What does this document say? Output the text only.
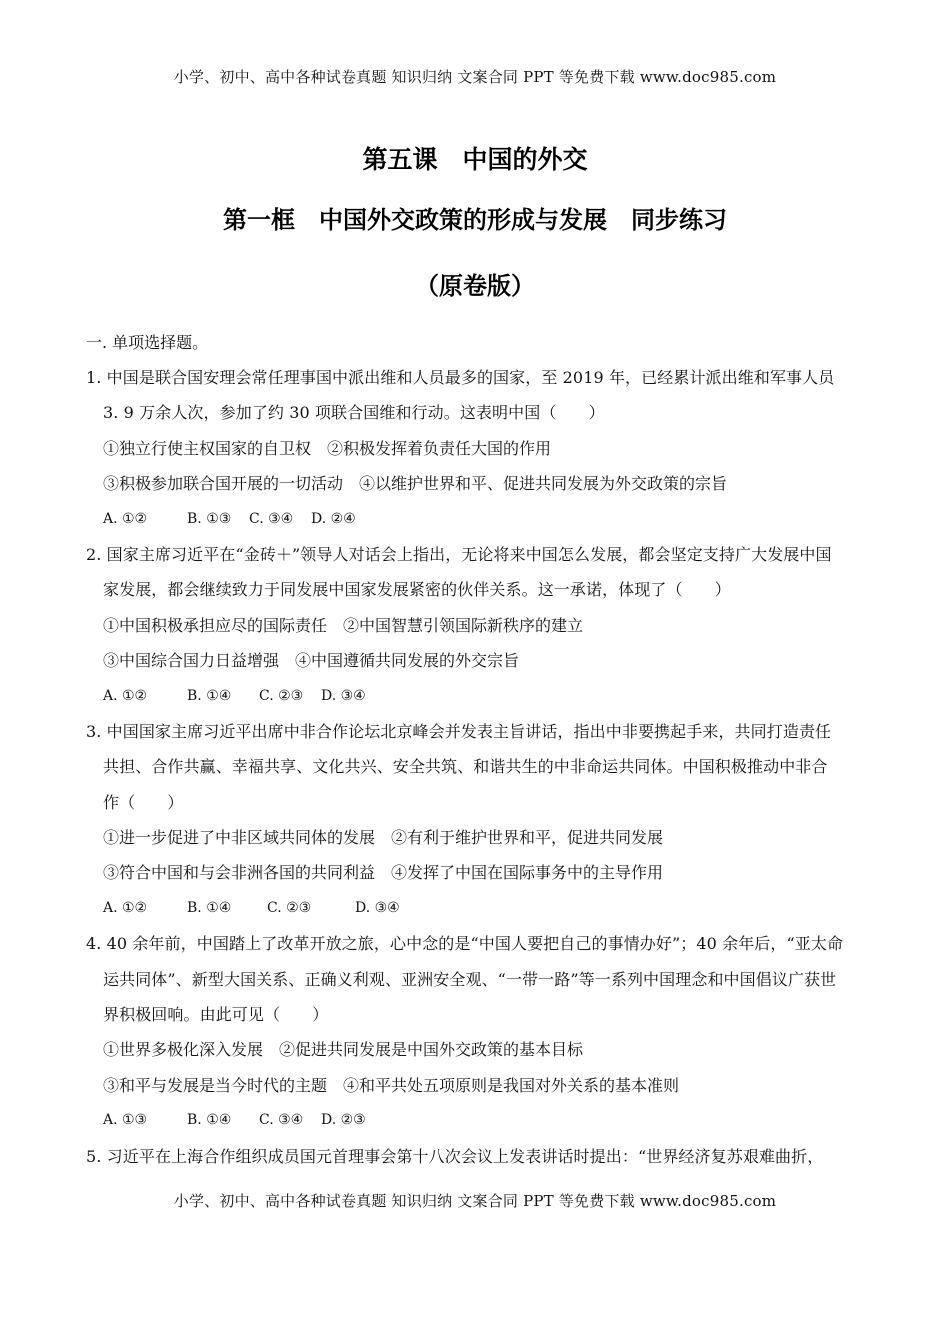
小学、初中、高中各种试卷真题 知识归纳 文案合同 PPT 等免费下载 www.doc985.com
第五课　中国的外交
第一框　中国外交政策的形成与发展　同步练习
（原卷版）
一. 单项选择题。
1. 中国是联合国安理会常任理事国中派出维和人员最多的国家，至 2019 年，已经累计派出维和军事人员
3. 9 万余人次，参加了约 30 项联合国维和行动。这表明中国（　　）
①独立行使主权国家的自卫权　②积极发挥着负责任大国的作用
③积极参加联合国开展的一切活动　④以维护世界和平、促进共同发展为外交政策的宗旨
A. ①②	B. ①③ C. ③④ D. ②④
2. 国家主席习近平在“金砖＋”领导人对话会上指出，无论将来中国怎么发展，都会坚定支持广大发展中国
家发展，都会继续致力于同发展中国家发展紧密的伙伴关系。这一承诺，体现了（　　）
①中国积极承担应尽的国际责任　②中国智慧引领国际新秩序的建立
③中国综合国力日益增强　④中国遵循共同发展的外交宗旨
A. ①②	B. ①④ C. ②③ D. ③④
3. 中国国家主席习近平出席中非合作论坛北京峰会并发表主旨讲话，指出中非要携起手来，共同打造责任
共担、合作共赢、幸福共享、文化共兴、安全共筑、和谐共生的中非命运共同体。中国积极推动中非合
作（　　）
①进一步促进了中非区域共同体的发展　②有利于维护世界和平，促进共同发展
③符合中国和与会非洲各国的共同利益　④发挥了中国在国际事务中的主导作用
A. ①②	B. ①④	C. ②③	D. ③④
4. 40 余年前，中国踏上了改革开放之旅，心中念的是“中国人要把自己的事情办好”；40 余年后，“亚太命
运共同体”、新型大国关系、正确义利观、亚洲安全观、“一带一路”等一系列中国理念和中国倡议广获世
界积极回响。由此可见（　　）
①世界多极化深入发展　②促进共同发展是中国外交政策的基本目标
③和平与发展是当今时代的主题　④和平共处五项原则是我国对外关系的基本准则
A. ①③	B. ①④ C. ③④ D. ②③
5. 习近平在上海合作组织成员国元首理事会第十八次会议上发表讲话时提出：“世界经济复苏艰难曲折，
小学、初中、高中各种试卷真题 知识归纳 文案合同 PPT 等免费下载 www.doc985.com
